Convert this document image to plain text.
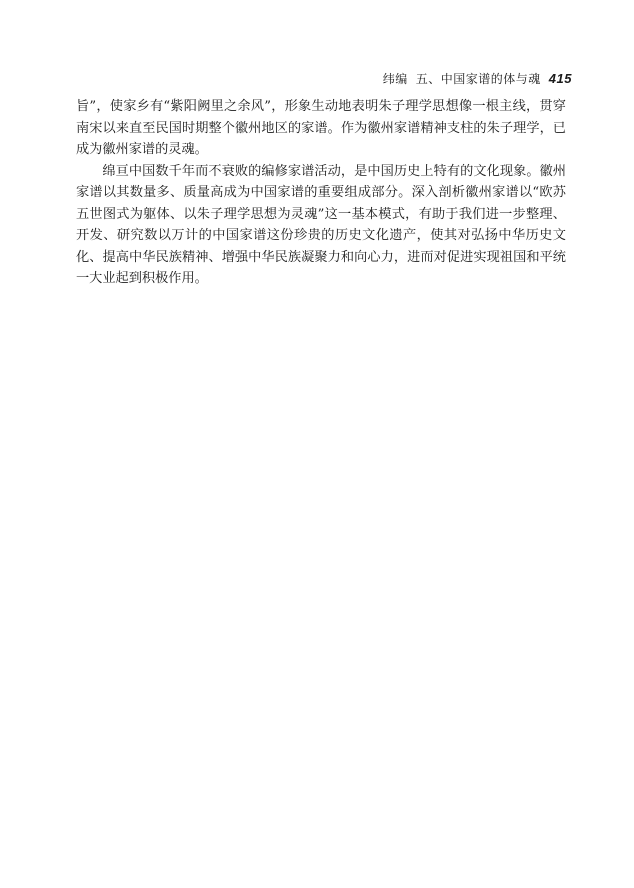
纬编 五、中国家谱的体与魂 415

旨”，使家乡有“紫阳阙里之余风”，形象生动地表明朱子理学思想像一根主线，贯穿南宋以来直至民国时期整个徽州地区的家谱。作为徽州家谱精神支柱的朱子理学，已成为徽州家谱的灵魂。

绵亘中国数千年而不衰败的编修家谱活动，是中国历史上特有的文化现象。徽州家谱以其数量多、质量高成为中国家谱的重要组成部分。深入剖析徽州家谱以“欧苏五世图式为躯体、以朱子理学思想为灵魂”这一基本模式，有助于我们进一步整理、开发、研究数以万计的中国家谱这份珍贵的历史文化遗产，使其对弘扬中华历史文化、提高中华民族精神、增强中华民族凝聚力和向心力，进而对促进实现祖国和平统一大业起到积极作用。
